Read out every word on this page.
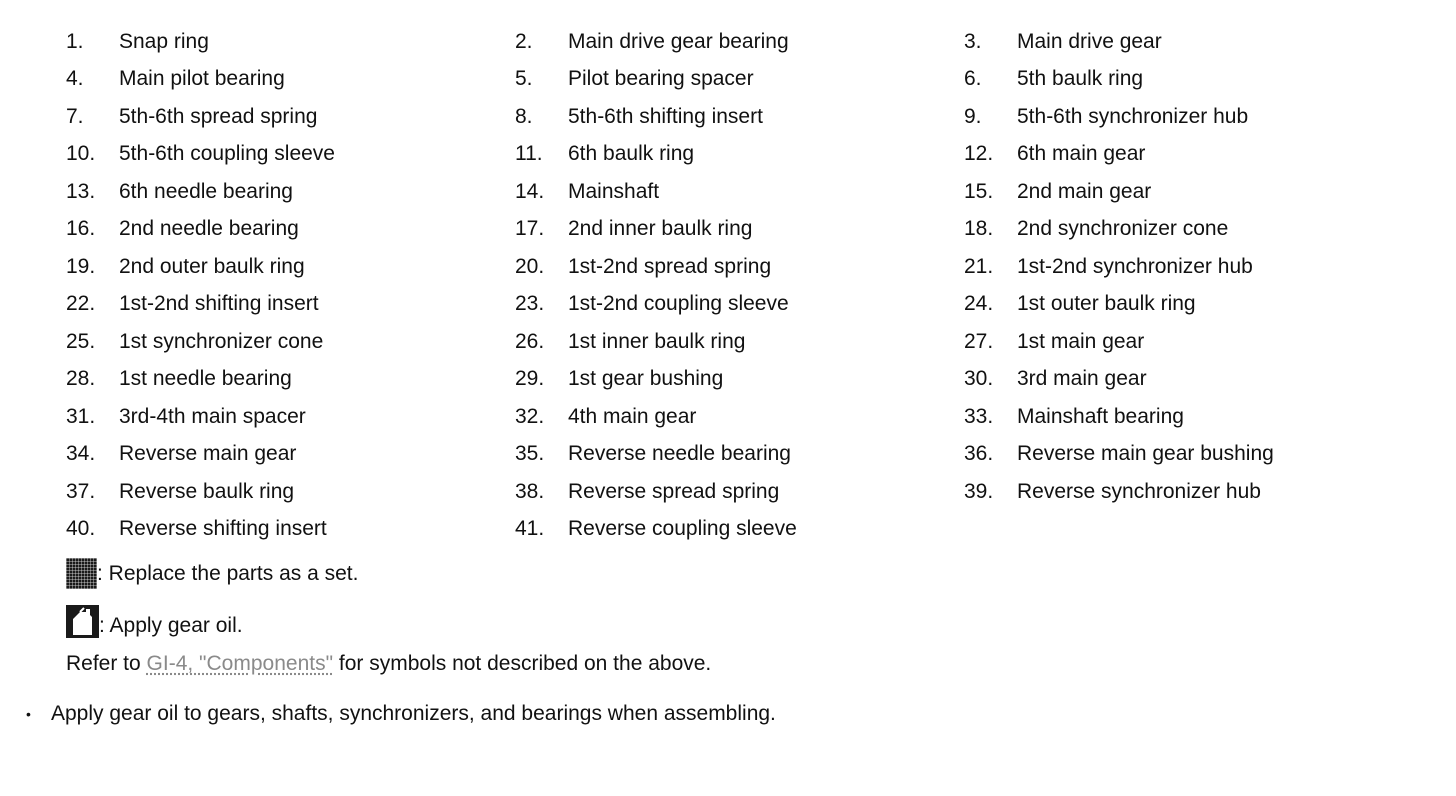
1.	Snap ring	2.	Main drive gear bearing	3.	Main drive gear
4.	Main pilot bearing	5.	Pilot bearing spacer	6.	5th baulk ring
7.	5th-6th spread spring	8.	5th-6th shifting insert	9.	5th-6th synchronizer hub
10.	5th-6th coupling sleeve	11.	6th baulk ring	12.	6th main gear
13.	6th needle bearing	14.	Mainshaft	15.	2nd main gear
16.	2nd needle bearing	17.	2nd inner baulk ring	18.	2nd synchronizer cone
19.	2nd outer baulk ring	20.	1st-2nd spread spring	21.	1st-2nd synchronizer hub
22.	1st-2nd shifting insert	23.	1st-2nd coupling sleeve	24.	1st outer baulk ring
25.	1st synchronizer cone	26.	1st inner baulk ring	27.	1st main gear
28.	1st needle bearing	29.	1st gear bushing	30.	3rd main gear
31.	3rd-4th main spacer	32.	4th main gear	33.	Mainshaft bearing
34.	Reverse main gear	35.	Reverse needle bearing	36.	Reverse main gear bushing
37.	Reverse baulk ring	38.	Reverse spread spring	39.	Reverse synchronizer hub
40.	Reverse shifting insert	41.	Reverse coupling sleeve
: Replace the parts as a set.
: Apply gear oil.
Refer to GI-4, "Components" for symbols not described on the above.
• Apply gear oil to gears, shafts, synchronizers, and bearings when assembling.
